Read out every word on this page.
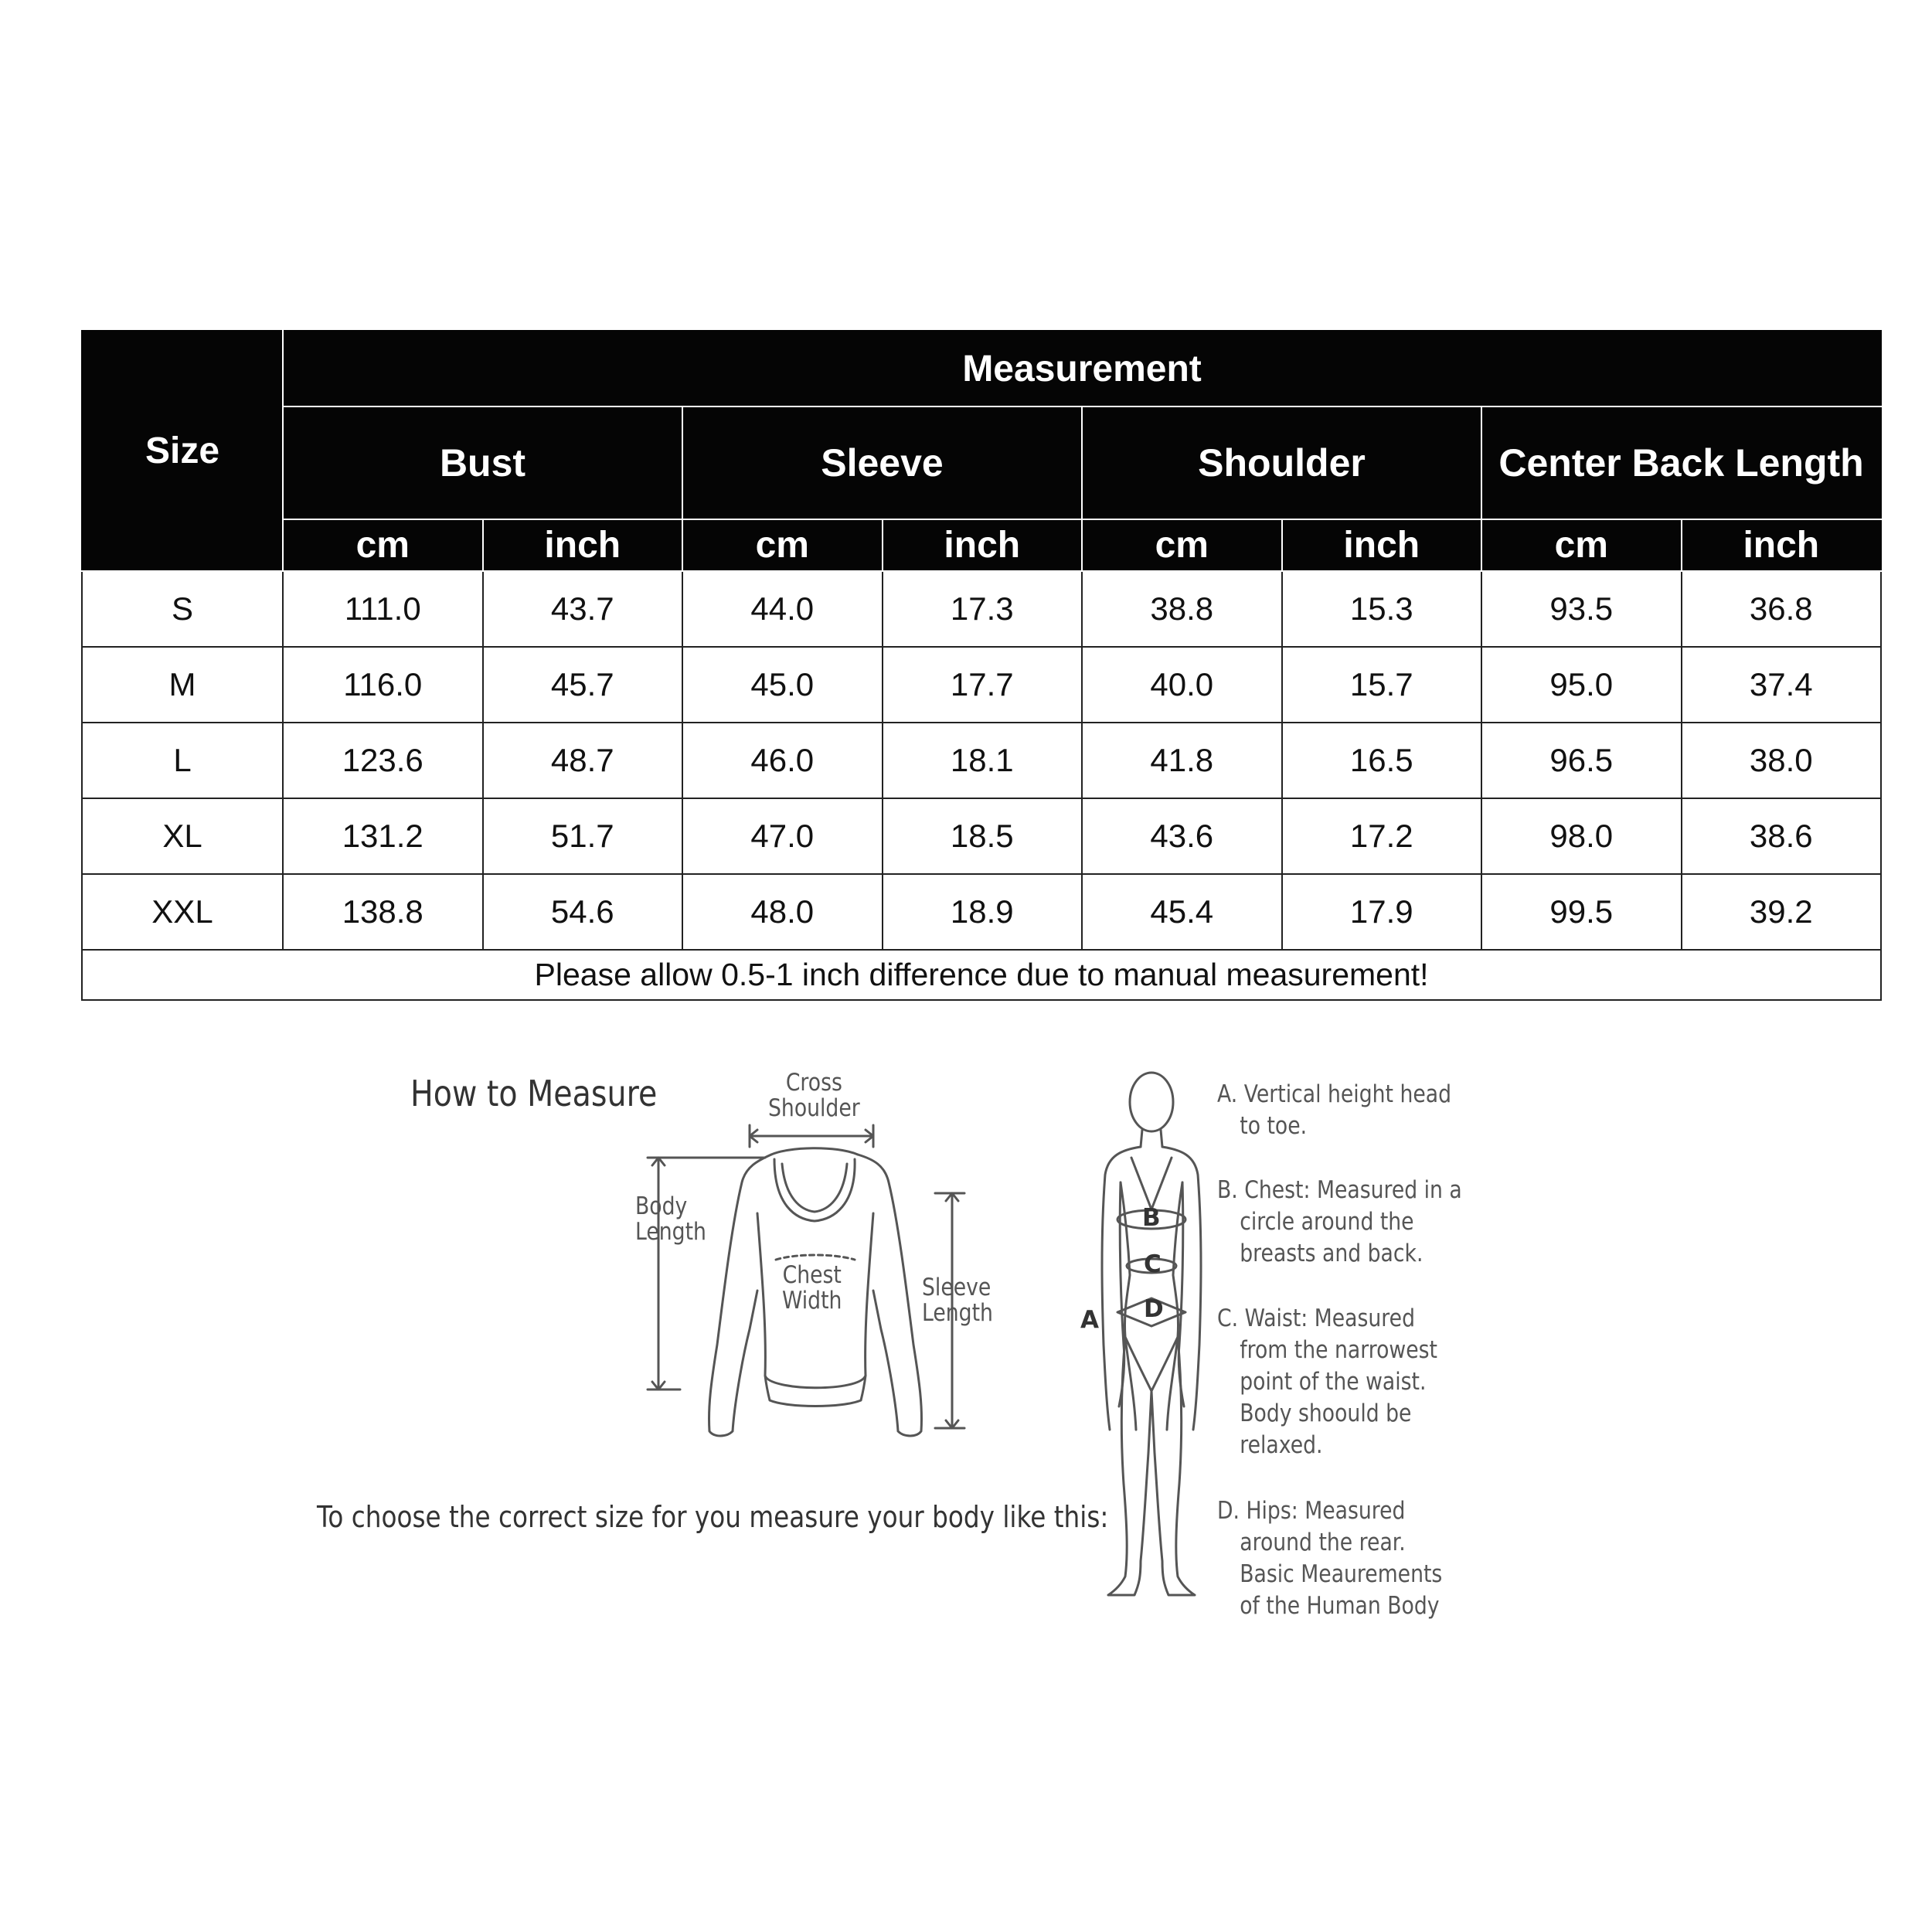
Size	Measurement							
	Bust		Sleeve		Shoulder		Center Back Length	
	cm	inch	cm	inch	cm	inch	cm	inch
S	111.0	43.7	44.0	17.3	38.8	15.3	93.5	36.8
M	116.0	45.7	45.0	17.7	40.0	15.7	95.0	37.4
L	123.6	48.7	46.0	18.1	41.8	16.5	96.5	38.0
XL	131.2	51.7	47.0	18.5	43.6	17.2	98.0	38.6
XXL	138.8	54.6	48.0	18.9	45.4	17.9	99.5	39.2
Please allow 0.5-1 inch difference due to manual measurement!								
How to Measure	Cross
Shoulder
Body
Length
Chest
Width	Sleeve
Length
To choose the correct size for you measure your body like this:
B
C
D
A
A. Vertical height head
to toe.
B. Chest: Measured in a
circle around the
breasts and back.
C. Waist: Measured
from the narrowest
point of the waist.
Body shoould be
relaxed.
D. Hips: Measured
around the rear.
Basic Meaurements
of the Human Body
